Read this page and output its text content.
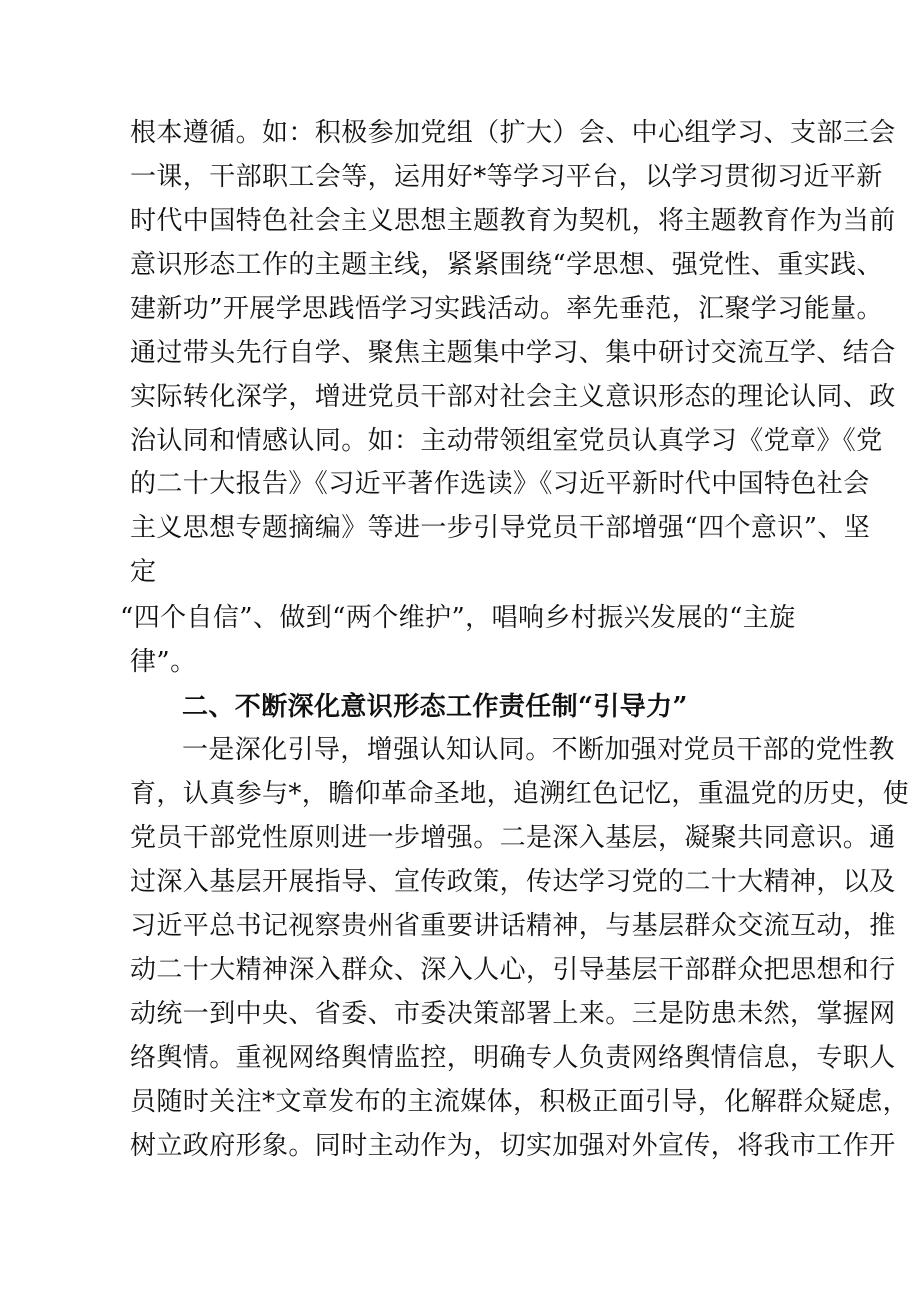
根本遵循。如：积极参加党组（扩大）会、中心组学习、支部三会
一课，干部职工会等，运用好*等学习平台，以学习贯彻习近平新
时代中国特色社会主义思想主题教育为契机，将主题教育作为当前
意识形态工作的主题主线，紧紧围绕“学思想、强党性、重实践、
建新功”开展学思践悟学习实践活动。率先垂范，汇聚学习能量。
通过带头先行自学、聚焦主题集中学习、集中研讨交流互学、结合
实际转化深学，增进党员干部对社会主义意识形态的理论认同、政
治认同和情感认同。如：主动带领组室党员认真学习《党章》《党
的二十大报告》《习近平著作选读》《习近平新时代中国特色社会
主义思想专题摘编》等进一步引导党员干部增强“四个意识”、坚
定
“四个自信”、做到“两个维护”，唱响乡村振兴发展的“主旋
律”。
二、不断深化意识形态工作责任制“引导力”
一是深化引导，增强认知认同。不断加强对党员干部的党性教
育，认真参与*，瞻仰革命圣地，追溯红色记忆，重温党的历史，使
党员干部党性原则进一步增强。二是深入基层，凝聚共同意识。通
过深入基层开展指导、宣传政策，传达学习党的二十大精神，以及
习近平总书记视察贵州省重要讲话精神，与基层群众交流互动，推
动二十大精神深入群众、深入人心，引导基层干部群众把思想和行
动统一到中央、省委、市委决策部署上来。三是防患未然，掌握网
络舆情。重视网络舆情监控，明确专人负责网络舆情信息，专职人
员随时关注*文章发布的主流媒体，积极正面引导，化解群众疑虑，
树立政府形象。同时主动作为，切实加强对外宣传，将我市工作开
